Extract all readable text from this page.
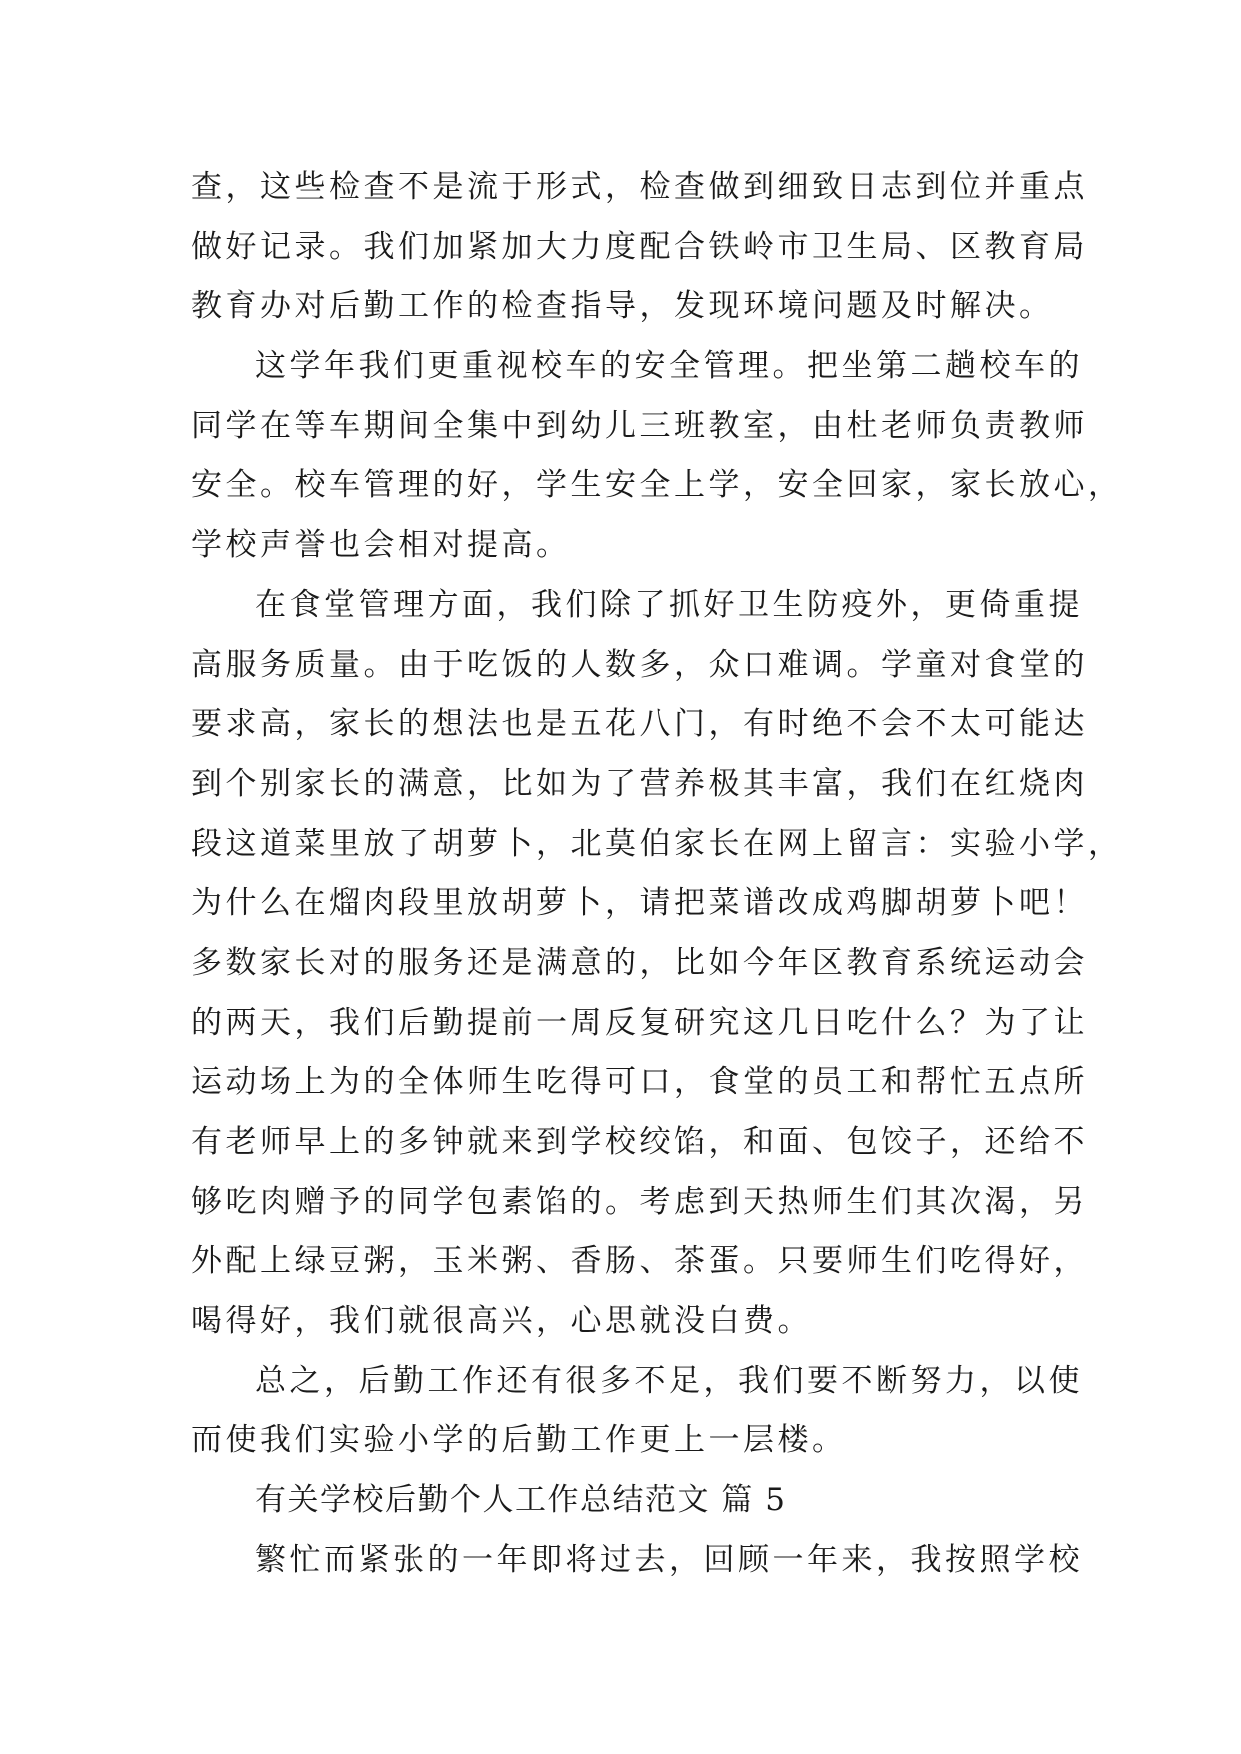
查，这些检查不是流于形式，检查做到细致日志到位并重点
做好记录。我们加紧加大力度配合铁岭市卫生局、区教育局
教育办对后勤工作的检查指导，发现环境问题及时解决。
这学年我们更重视校车的安全管理。把坐第二趟校车的
同学在等车期间全集中到幼儿三班教室，由杜老师负责教师
安全。校车管理的好，学生安全上学，安全回家，家长放心，
学校声誉也会相对提高。
在食堂管理方面，我们除了抓好卫生防疫外，更倚重提
高服务质量。由于吃饭的人数多，众口难调。学童对食堂的
要求高，家长的想法也是五花八门，有时绝不会不太可能达
到个别家长的满意，比如为了营养极其丰富，我们在红烧肉
段这道菜里放了胡萝卜，北莫伯家长在网上留言：实验小学，
为什么在熘肉段里放胡萝卜，请把菜谱改成鸡脚胡萝卜吧！
多数家长对的服务还是满意的，比如今年区教育系统运动会
的两天，我们后勤提前一周反复研究这几日吃什么？为了让
运动场上为的全体师生吃得可口，食堂的员工和帮忙五点所
有老师早上的多钟就来到学校绞馅，和面、包饺子，还给不
够吃肉赠予的同学包素馅的。考虑到天热师生们其次渴，另
外配上绿豆粥，玉米粥、香肠、茶蛋。只要师生们吃得好，
喝得好，我们就很高兴，心思就没白费。
总之，后勤工作还有很多不足，我们要不断努力，以使
而使我们实验小学的后勤工作更上一层楼。
有关学校后勤个人工作总结范文 篇 5
繁忙而紧张的一年即将过去，回顾一年来，我按照学校
